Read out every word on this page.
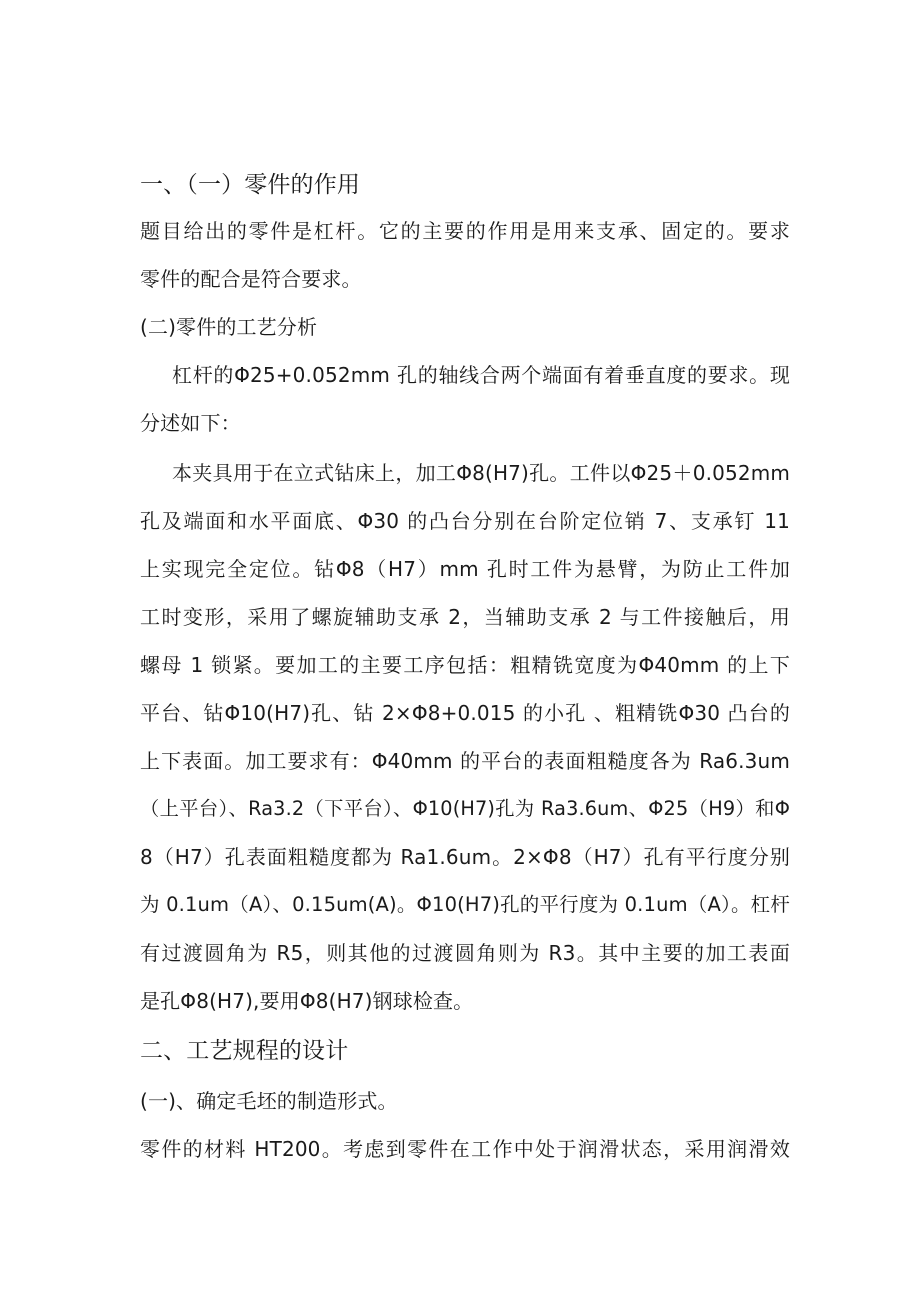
一、（一）零件的作用
题目给出的零件是杠杆。它的主要的作用是用来支承、固定的。要求
零件的配合是符合要求。
(二)零件的工艺分析
杠杆的Φ25+0.052mm 孔的轴线合两个端面有着垂直度的要求。现
分述如下：
本夹具用于在立式钻床上，加工Φ8(H7)孔。工件以Φ25＋0.052mm
孔及端面和水平面底、Φ30 的凸台分别在台阶定位销 7、支承钉 11
上实现完全定位。钻Φ8（H7）mm 孔时工件为悬臂，为防止工件加
工时变形，采用了螺旋辅助支承 2，当辅助支承 2 与工件接触后，用
螺母 1 锁紧。要加工的主要工序包括：粗精铣宽度为Φ40mm 的上下
平台、钻Φ10(H7)孔、钻 2×Φ8+0.015 的小孔 、粗精铣Φ30 凸台的
上下表面。加工要求有：Φ40mm 的平台的表面粗糙度各为 Ra6.3um
（上平台）、Ra3.2（下平台）、Φ10(H7)孔为 Ra3.6um、Φ25（H9）和Φ
8（H7）孔表面粗糙度都为 Ra1.6um。2×Φ8（H7）孔有平行度分别
为 0.1um（A）、0.15um(A)。Φ10(H7)孔的平行度为 0.1um（A）。杠杆
有过渡圆角为 R5，则其他的过渡圆角则为 R3。其中主要的加工表面
是孔Φ8(H7),要用Φ8(H7)钢球检查。
二、工艺规程的设计
(一)、确定毛坯的制造形式。
零件的材料 HT200。考虑到零件在工作中处于润滑状态，采用润滑效
